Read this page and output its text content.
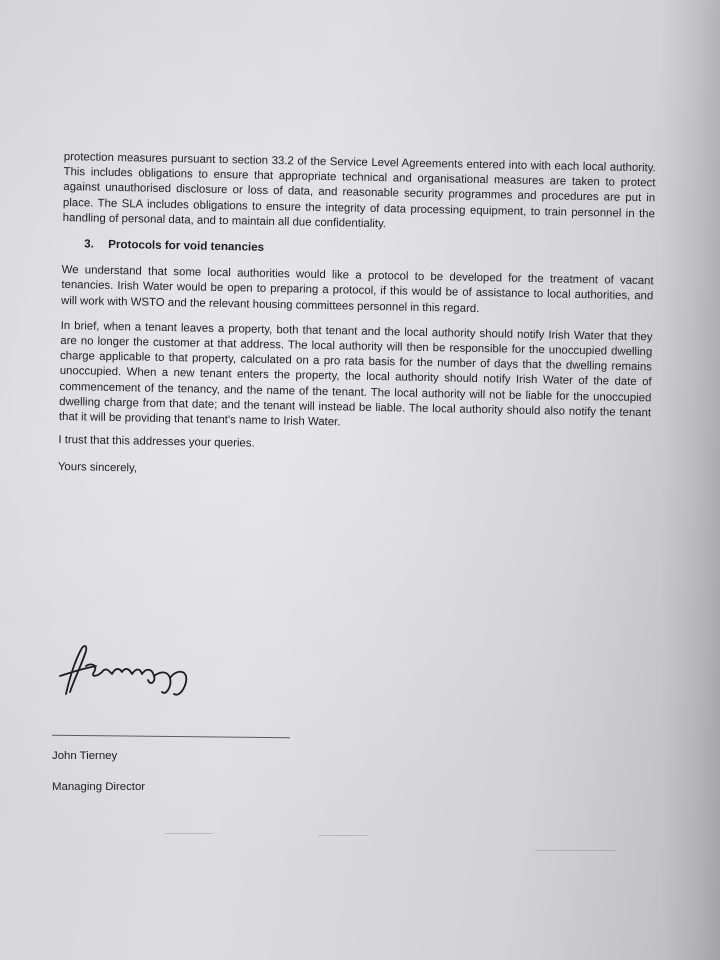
protection measures pursuant to section 33.2 of the Service Level Agreements entered into with each local authority. This includes obligations to ensure that appropriate technical and organisational measures are taken to protect against unauthorised disclosure or loss of data, and reasonable security programmes and procedures are put in place. The SLA includes obligations to ensure the integrity of data processing equipment, to train personnel in the handling of personal data, and to maintain all due confidentiality.

3. Protocols for void tenancies

We understand that some local authorities would like a protocol to be developed for the treatment of vacant tenancies. Irish Water would be open to preparing a protocol, if this would be of assistance to local authorities, and will work with WSTO and the relevant housing committees personnel in this regard.

In brief, when a tenant leaves a property, both that tenant and the local authority should notify Irish Water that they are no longer the customer at that address. The local authority will then be responsible for the unoccupied dwelling charge applicable to that property, calculated on a pro rata basis for the number of days that the dwelling remains unoccupied. When a new tenant enters the property, the local authority should notify Irish Water of the date of commencement of the tenancy, and the name of the tenant. The local authority will not be liable for the unoccupied dwelling charge from that date; and the tenant will instead be liable. The local authority should also notify the tenant that it will be providing that tenant's name to Irish Water.

I trust that this addresses your queries.

Yours sincerely,

John Tierney
Managing Director
